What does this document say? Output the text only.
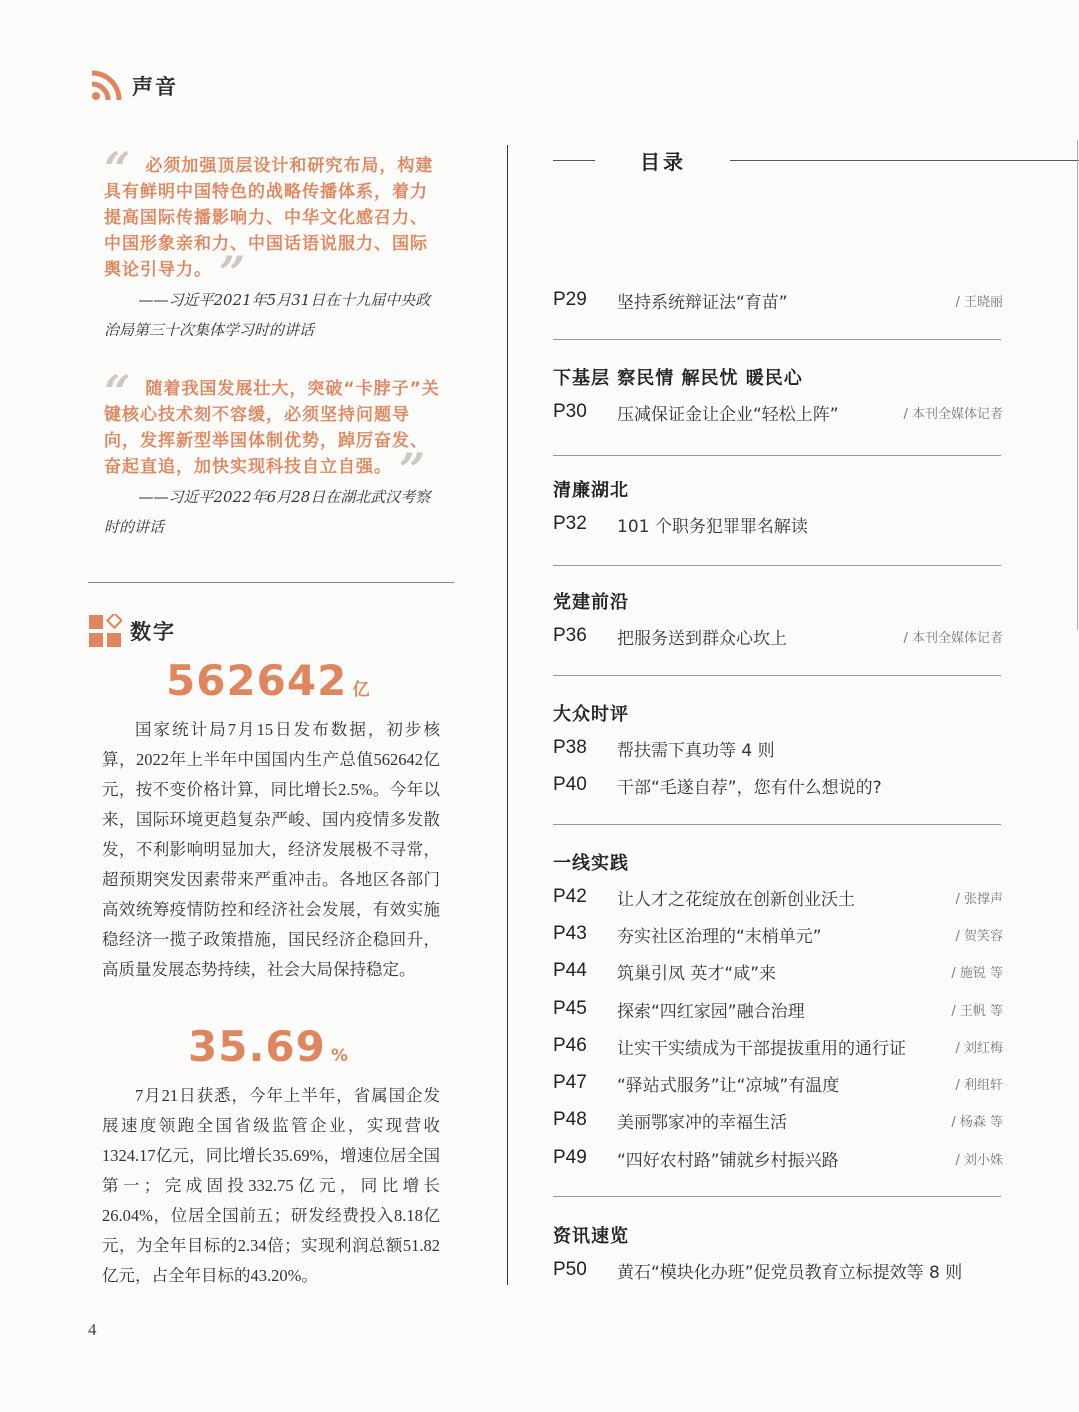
声音
“ 必须加强顶层设计和研究布局，构建具有鲜明中国特色的战略传播体系，着力提高国际传播影响力、中华文化感召力、中国形象亲和力、中国话语说服力、国际舆论引导力。 ”
——习近平2021年5月31日在十九届中央政治局第三十次集体学习时的讲话
“ 随着我国发展壮大，突破“卡脖子”关键核心技术刻不容缓，必须坚持问题导向，发挥新型举国体制优势，踔厉奋发、奋起直追，加快实现科技自立自强。 ”
——习近平2022年6月28日在湖北武汉考察时的讲话
数字
562642 亿

国家统计局7月15日发布数据，初步核算，2022年上半年中国国内生产总值562642亿元，按不变价格计算，同比增长2.5%。今年以来，国际环境更趋复杂严峻、国内疫情多发散发，不利影响明显加大，经济发展极不寻常，超预期突发因素带来严重冲击。各地区各部门高效统筹疫情防控和经济社会发展，有效实施稳经济一揽子政策措施，国民经济企稳回升，高质量发展态势持续，社会大局保持稳定。

35.69 %

7月21日获悉，今年上半年，省属国企发展速度领跑全国省级监管企业，实现营收1324.17亿元，同比增长35.69%，增速位居全国第一；完成固投332.75亿元，同比增长26.04%，位居全国前五；研发经费投入8.18亿元，为全年目标的2.34倍；实现利润总额51.82亿元，占全年目标的43.20%。

目录
P29	坚持系统辩证法“育苗”	/ 王晓丽
下基层 察民情 解民忧 暖民心
P30	压减保证金让企业“轻松上阵”	/ 本刊全媒体记者
清廉湖北
P32	101 个职务犯罪罪名解读
党建前沿
P36	把服务送到群众心坎上	/ 本刊全媒体记者
大众时评
P38	帮扶需下真功等 4 则
P40	干部“毛遂自荐”，您有什么想说的?
一线实践
P42	让人才之花绽放在创新创业沃土	/ 张撑声
P43	夯实社区治理的“末梢单元”	/ 贺笑容
P44	筑巢引凤 英才“咸”来	/ 施锐 等
P45	探索“四红家园”融合治理	/ 王帆 等
P46	让实干实绩成为干部提拔重用的通行证	/ 刘红梅
P47	“驿站式服务”让“凉城”有温度	/ 利组轩
P48	美丽鄂家冲的幸福生活	/ 杨森 等
P49	“四好农村路”铺就乡村振兴路	/ 刘小姝
资讯速览
P50	黄石“模块化办班”促党员教育立标提效等 8 则
4
